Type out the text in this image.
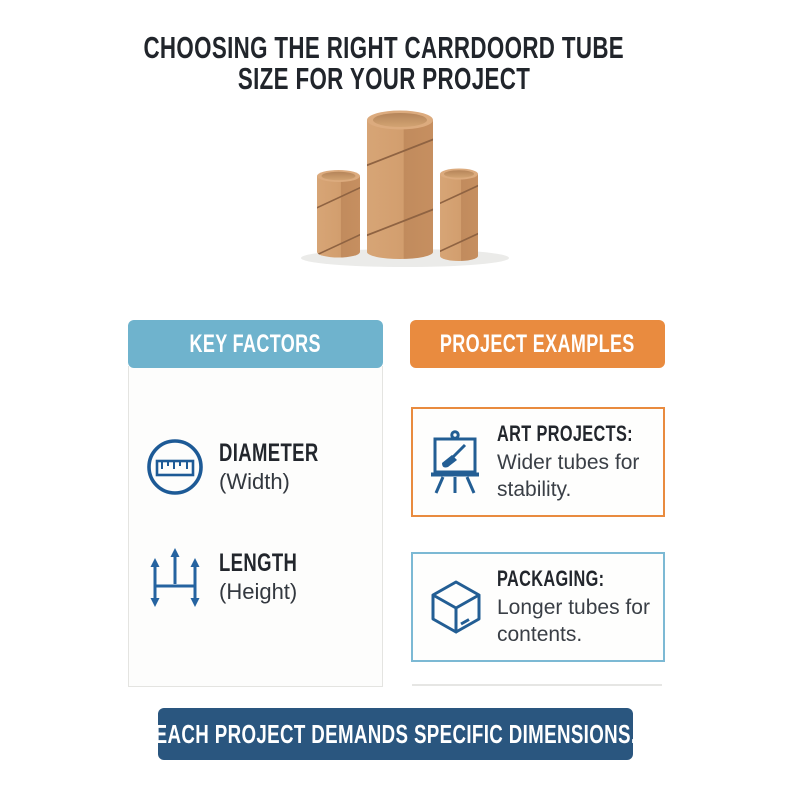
CHOOSING THE RIGHT CARRDOORD TUBE
SIZE FOR YOUR PROJECT
KEY FACTORS
DIAMETER
(Width)
LENGTH
(Height)
PROJECT EXAMPLES
ART PROJECTS:
Wider tubes for stability.
PACKAGING:
Longer tubes for contents.
EACH PROJECT DEMANDS SPECIFIC DIMENSIONS.
